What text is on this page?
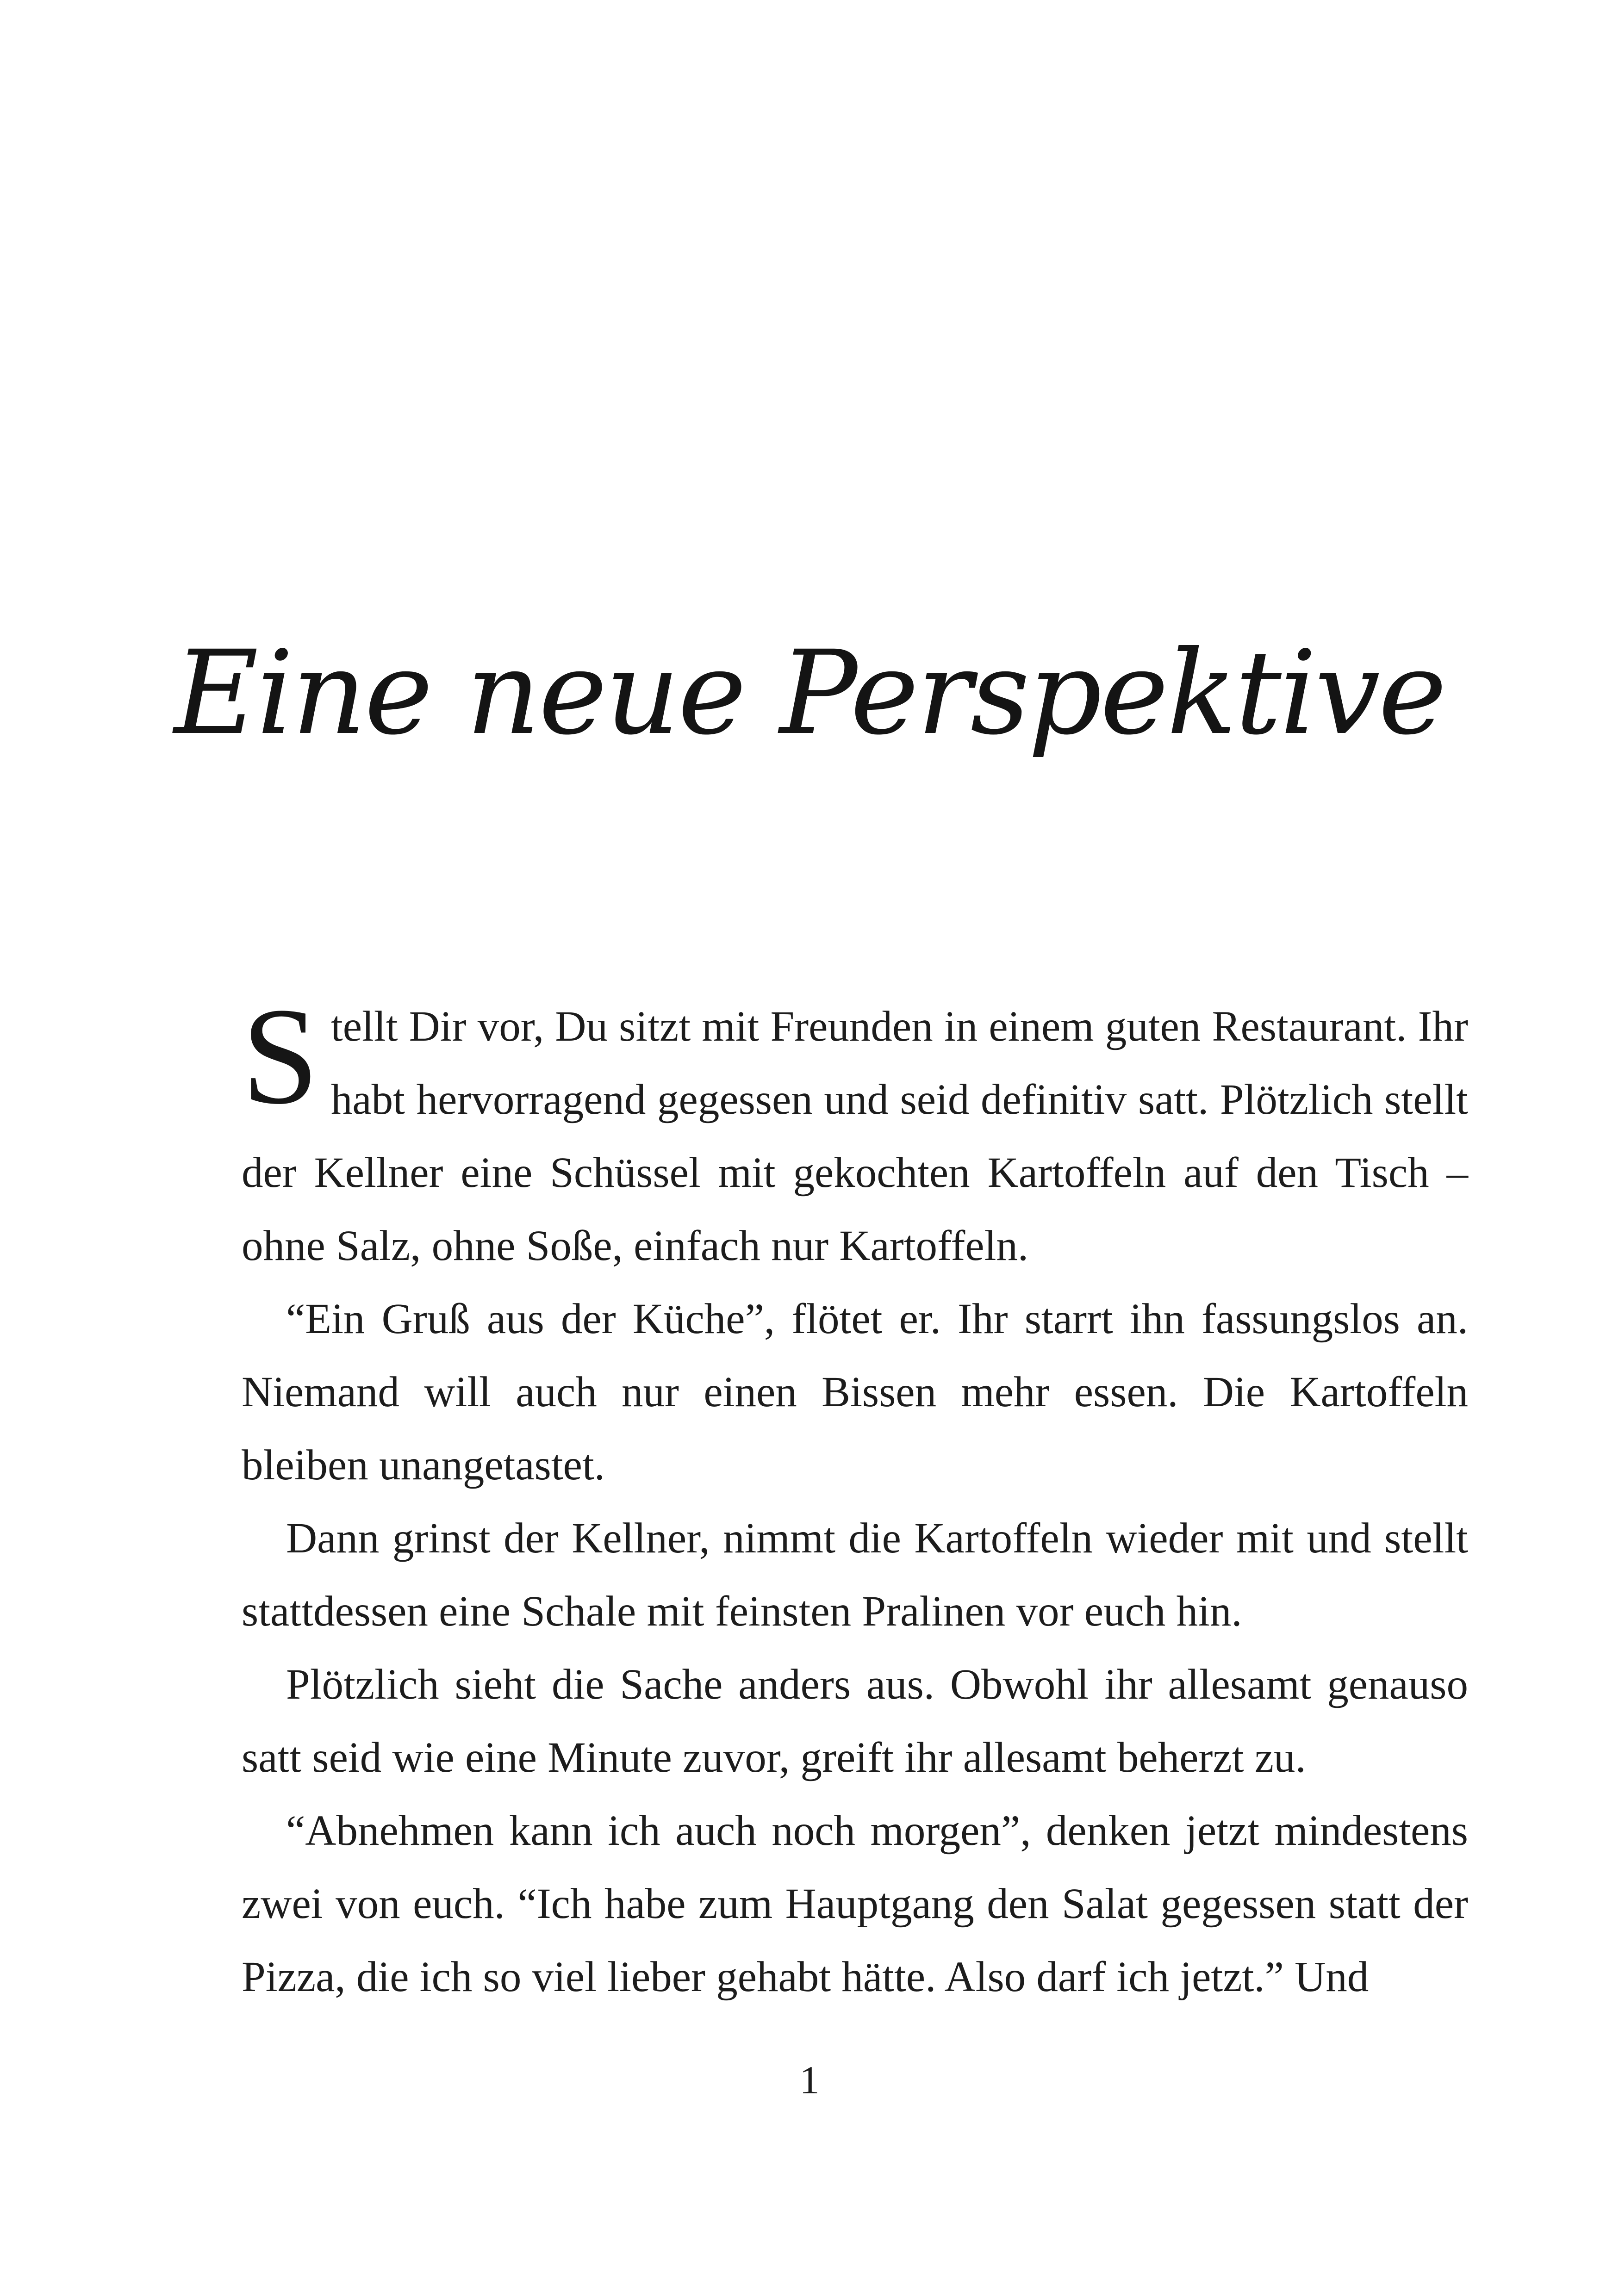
Eine neue Perspektive

Stellt Dir vor, Du sitzt mit Freunden in einem guten Restaurant. Ihr habt hervorragend gegessen und seid definitiv satt. Plötzlich stellt der Kellner eine Schüssel mit gekochten Kartoffeln auf den Tisch – ohne Salz, ohne Soße, einfach nur Kartoffeln.

“Ein Gruß aus der Küche”, flötet er. Ihr starrt ihn fassungslos an. Niemand will auch nur einen Bissen mehr essen. Die Kartoffeln bleiben unangetastet.

Dann grinst der Kellner, nimmt die Kartoffeln wieder mit und stellt stattdessen eine Schale mit feinsten Pralinen vor euch hin.

Plötzlich sieht die Sache anders aus. Obwohl ihr allesamt genauso satt seid wie eine Minute zuvor, greift ihr allesamt beherzt zu.

“Abnehmen kann ich auch noch morgen”, denken jetzt mindestens zwei von euch. “Ich habe zum Hauptgang den Salat gegessen statt der Pizza, die ich so viel lieber gehabt hätte. Also darf ich jetzt.” Und

1
